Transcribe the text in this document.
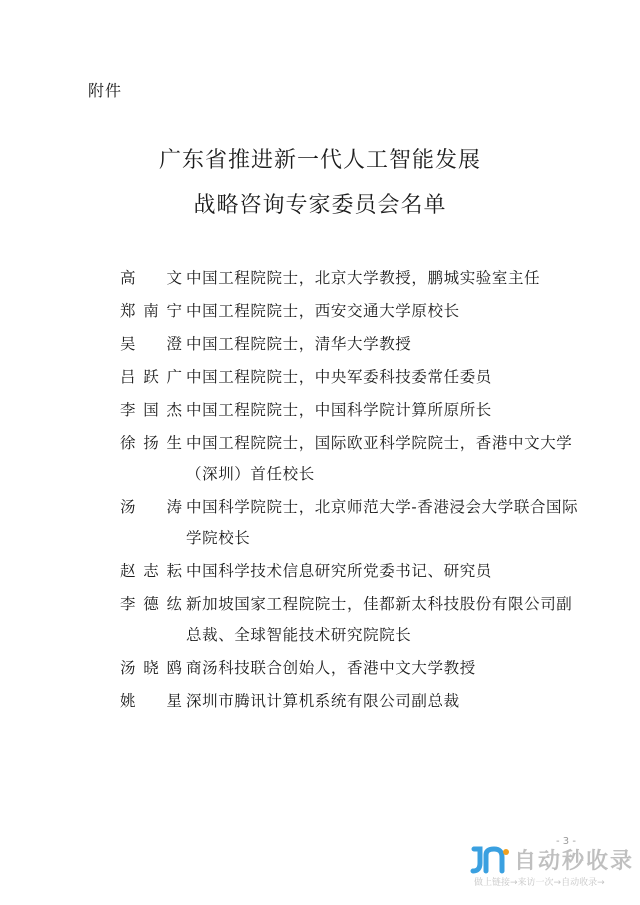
附件
广东省推进新一代人工智能发展
战略咨询专家委员会名单
高　文 中国工程院院士，北京大学教授，鹏城实验室主任
郑南宁 中国工程院院士，西安交通大学原校长
吴　澄 中国工程院院士，清华大学教授
吕跃广 中国工程院院士，中央军委科技委常任委员
李国杰 中国工程院院士，中国科学院计算所原所长
徐扬生 中国工程院院士，国际欧亚科学院院士，香港中文大学（深圳）首任校长
汤　涛 中国科学院院士，北京师范大学-香港浸会大学联合国际学院校长
赵志耘 中国科学技术信息研究所党委书记、研究员
李德纮 新加坡国家工程院院士，佳都新太科技股份有限公司副总裁、全球智能技术研究院院长
汤晓鸥 商汤科技联合创始人，香港中文大学教授
姚　星 深圳市腾讯计算机系统有限公司副总裁
- 3 -
自动秒收录
做上链接→来访一次→自动收录→
